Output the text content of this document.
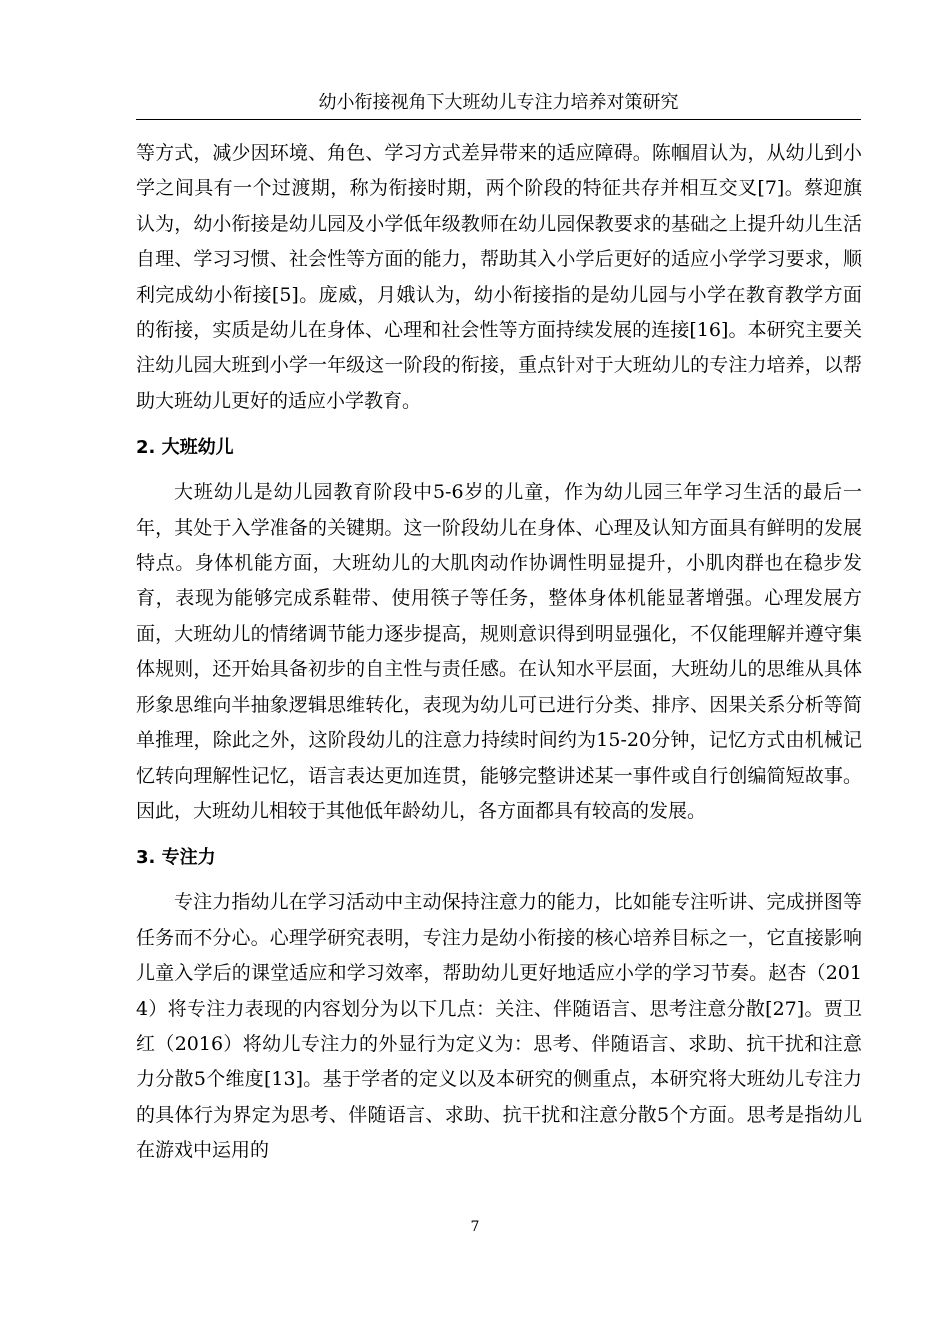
幼小衔接视角下大班幼儿专注力培养对策研究

等方式，减少因环境、角色、学习方式差异带来的适应障碍。陈帼眉认为，从幼儿到小学之间具有一个过渡期，称为衔接时期，两个阶段的特征共存并相互交叉[7]。蔡迎旗认为，幼小衔接是幼儿园及小学低年级教师在幼儿园保教要求的基础之上提升幼儿生活自理、学习习惯、社会性等方面的能力，帮助其入小学后更好的适应小学学习要求，顺利完成幼小衔接[5]。庞威，月娥认为，幼小衔接指的是幼儿园与小学在教育教学方面的衔接，实质是幼儿在身体、心理和社会性等方面持续发展的连接[16]。本研究主要关注幼儿园大班到小学一年级这一阶段的衔接，重点针对于大班幼儿的专注力培养，以帮助大班幼儿更好的适应小学教育。

2. 大班幼儿

大班幼儿是幼儿园教育阶段中5-6岁的儿童，作为幼儿园三年学习生活的最后一年，其处于入学准备的关键期。这一阶段幼儿在身体、心理及认知方面具有鲜明的发展特点。身体机能方面，大班幼儿的大肌肉动作协调性明显提升，小肌肉群也在稳步发育，表现为能够完成系鞋带、使用筷子等任务，整体身体机能显著增强。心理发展方面，大班幼儿的情绪调节能力逐步提高，规则意识得到明显强化，不仅能理解并遵守集体规则，还开始具备初步的自主性与责任感。在认知水平层面，大班幼儿的思维从具体形象思维向半抽象逻辑思维转化，表现为幼儿可已进行分类、排序、因果关系分析等简单推理，除此之外，这阶段幼儿的注意力持续时间约为15-20分钟，记忆方式由机械记忆转向理解性记忆，语言表达更加连贯，能够完整讲述某一事件或自行创编简短故事。因此，大班幼儿相较于其他低年龄幼儿，各方面都具有较高的发展。

3. 专注力

专注力指幼儿在学习活动中主动保持注意力的能力，比如能专注听讲、完成拼图等任务而不分心。心理学研究表明，专注力是幼小衔接的核心培养目标之一，它直接影响儿童入学后的课堂适应和学习效率，帮助幼儿更好地适应小学的学习节奏。赵杏（2014）将专注力表现的内容划分为以下几点：关注、伴随语言、思考注意分散[27]。贾卫红（2016）将幼儿专注力的外显行为定义为：思考、伴随语言、求助、抗干扰和注意力分散5个维度[13]。基于学者的定义以及本研究的侧重点，本研究将大班幼儿专注力的具体行为界定为思考、伴随语言、求助、抗干扰和注意分散5个方面。思考是指幼儿在游戏中运用的

7
